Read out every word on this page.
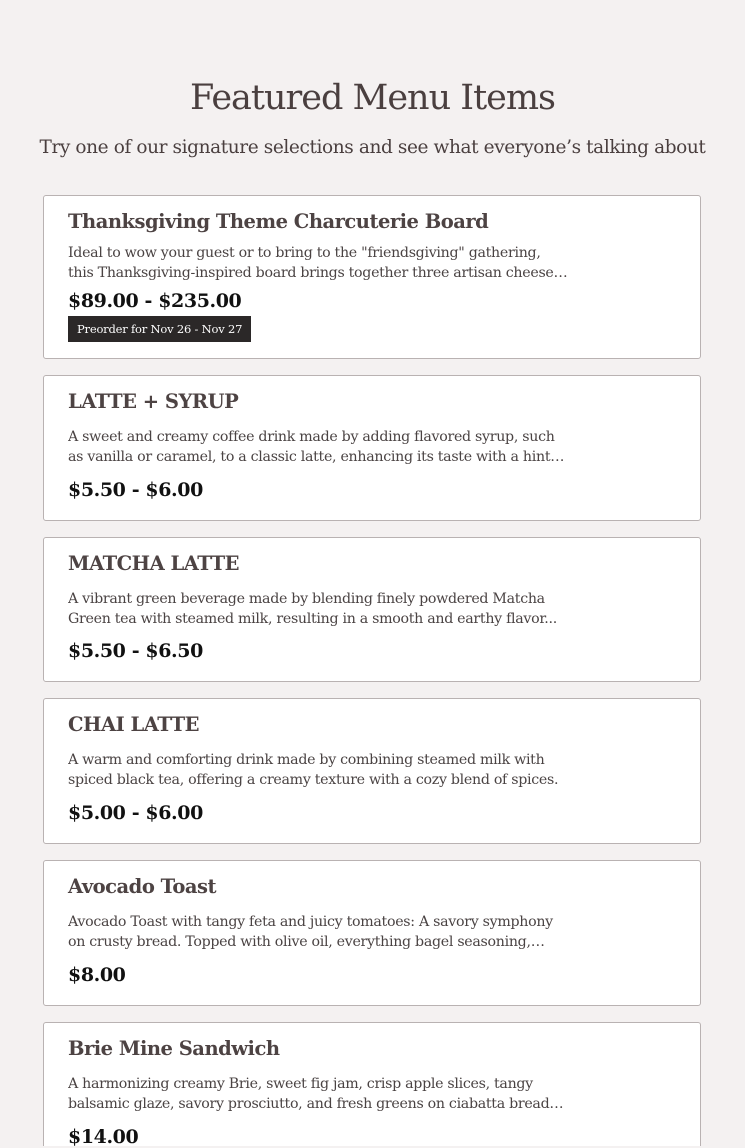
Featured Menu Items

Try one of our signature selections and see what everyone’s talking about

Thanksgiving Theme Charcuterie Board
Ideal to wow your guest or to bring to the "friendsgiving" gathering, this Thanksgiving-inspired board brings together three artisan cheeses,
$89.00 - $235.00
Preorder for Nov 26 - Nov 27
LATTE + SYRUP
A sweet and creamy coffee drink made by adding flavored syrup, such as vanilla or caramel, to a classic latte, enhancing its taste with a hint
$5.50 - $6.00
MATCHA LATTE
A vibrant green beverage made by blending finely powdered Matcha Green tea with steamed milk, resulting in a smooth and earthy flavor...
$5.50 - $6.50
CHAI LATTE
A warm and comforting drink made by combining steamed milk with spiced black tea, offering a creamy texture with a cozy blend of spices.
$5.00 - $6.00
Avocado Toast
Avocado Toast with tangy feta and juicy tomatoes: A savory symphony on crusty bread. Topped with olive oil, everything bagel seasoning,
$8.00
Brie Mine Sandwich
A harmonizing creamy Brie, sweet fig jam, crisp apple slices, tangy balsamic glaze, savory prosciutto, and fresh greens on ciabatta bread
$14.00
